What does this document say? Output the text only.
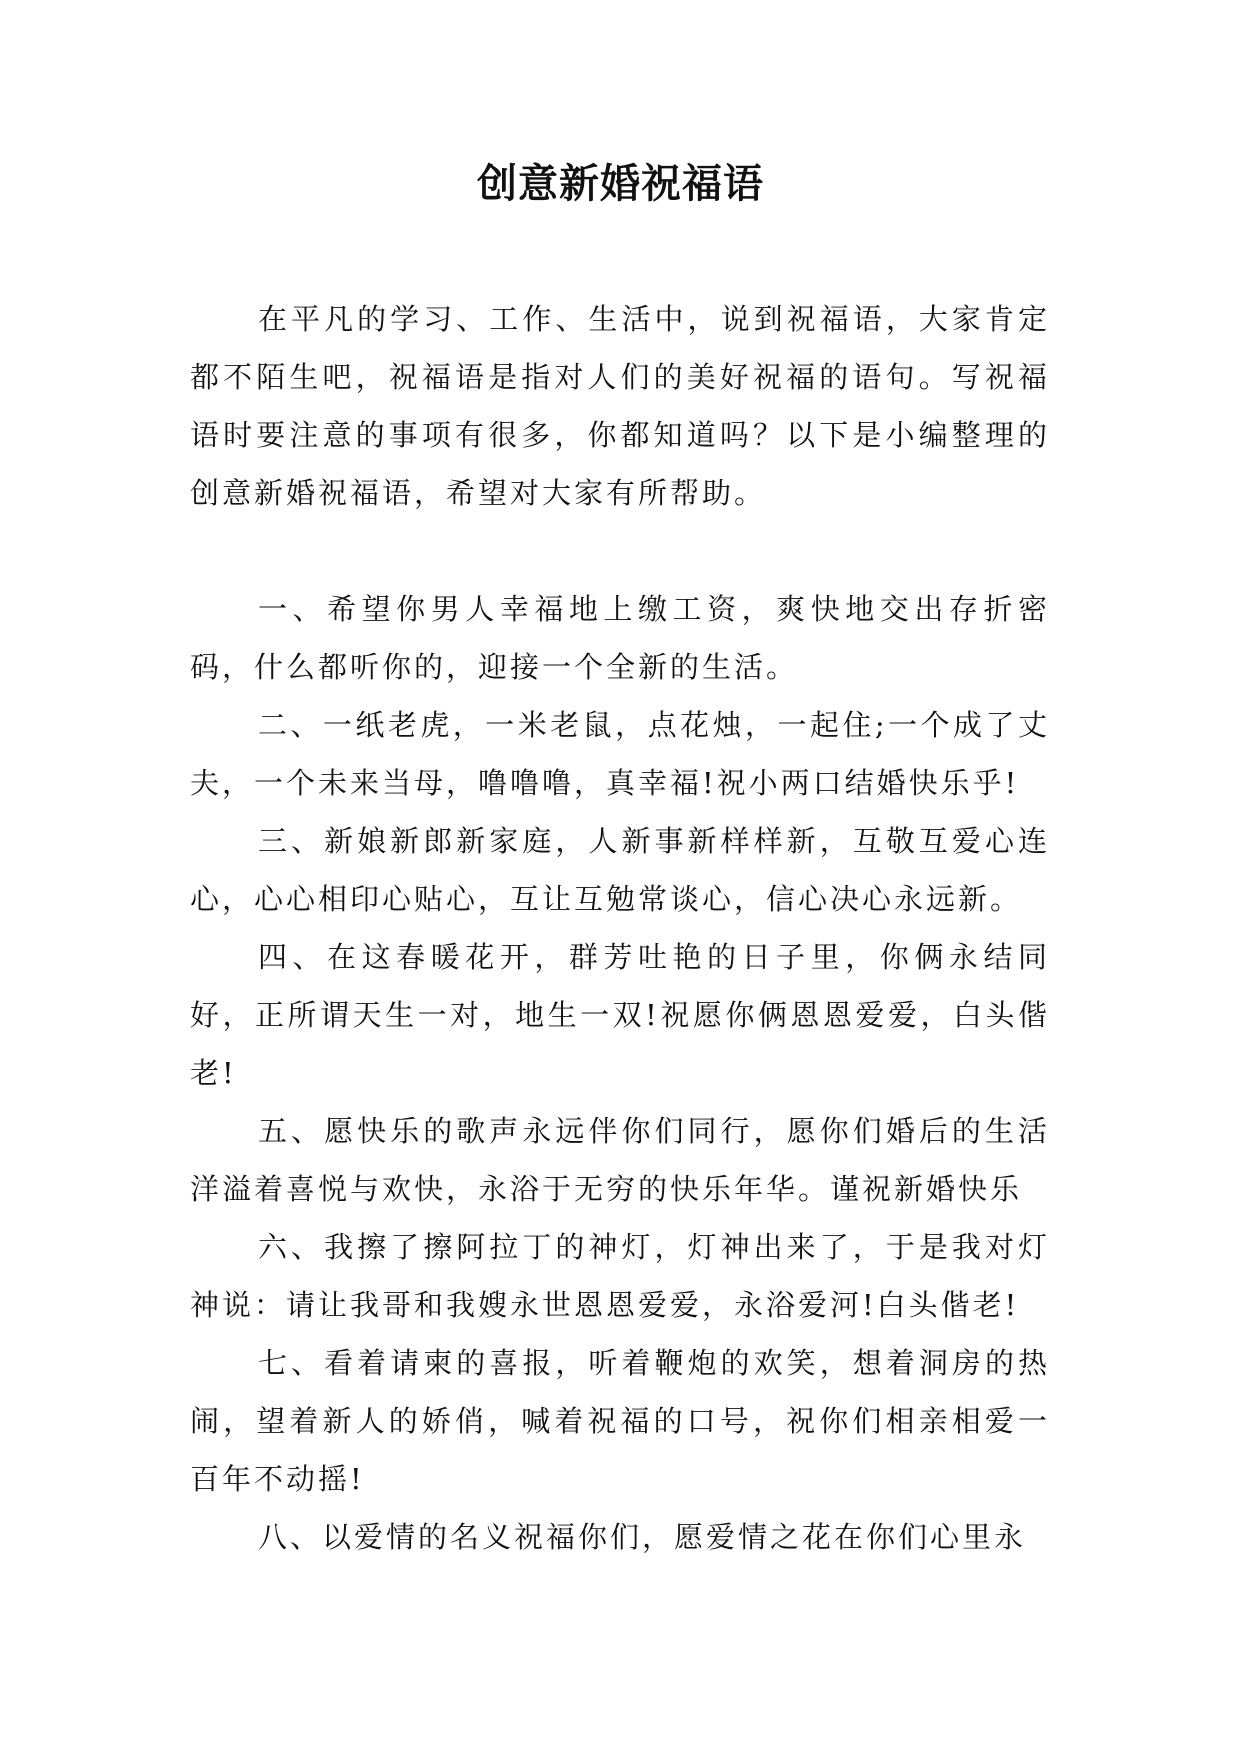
创意新婚祝福语

在平凡的学习、工作、生活中，说到祝福语，大家肯定都不陌生吧，祝福语是指对人们的美好祝福的语句。写祝福语时要注意的事项有很多，你都知道吗？以下是小编整理的创意新婚祝福语，希望对大家有所帮助。

一、希望你男人幸福地上缴工资，爽快地交出存折密码，什么都听你的，迎接一个全新的生活。

二、一纸老虎，一米老鼠，点花烛，一起住;一个成了丈夫，一个未来当母，噜噜噜，真幸福!祝小两口结婚快乐乎!

三、新娘新郎新家庭，人新事新样样新，互敬互爱心连心，心心相印心贴心，互让互勉常谈心，信心决心永远新。

四、在这春暖花开，群芳吐艳的日子里，你俩永结同好，正所谓天生一对，地生一双!祝愿你俩恩恩爱爱，白头偕老!

五、愿快乐的歌声永远伴你们同行，愿你们婚后的生活洋溢着喜悦与欢快，永浴于无穷的快乐年华。谨祝新婚快乐

六、我擦了擦阿拉丁的神灯，灯神出来了，于是我对灯神说：请让我哥和我嫂永世恩恩爱爱，永浴爱河!白头偕老!

七、看着请柬的喜报，听着鞭炮的欢笑，想着洞房的热闹，望着新人的娇俏，喊着祝福的口号，祝你们相亲相爱一百年不动摇!

八、以爱情的名义祝福你们，愿爱情之花在你们心里永
